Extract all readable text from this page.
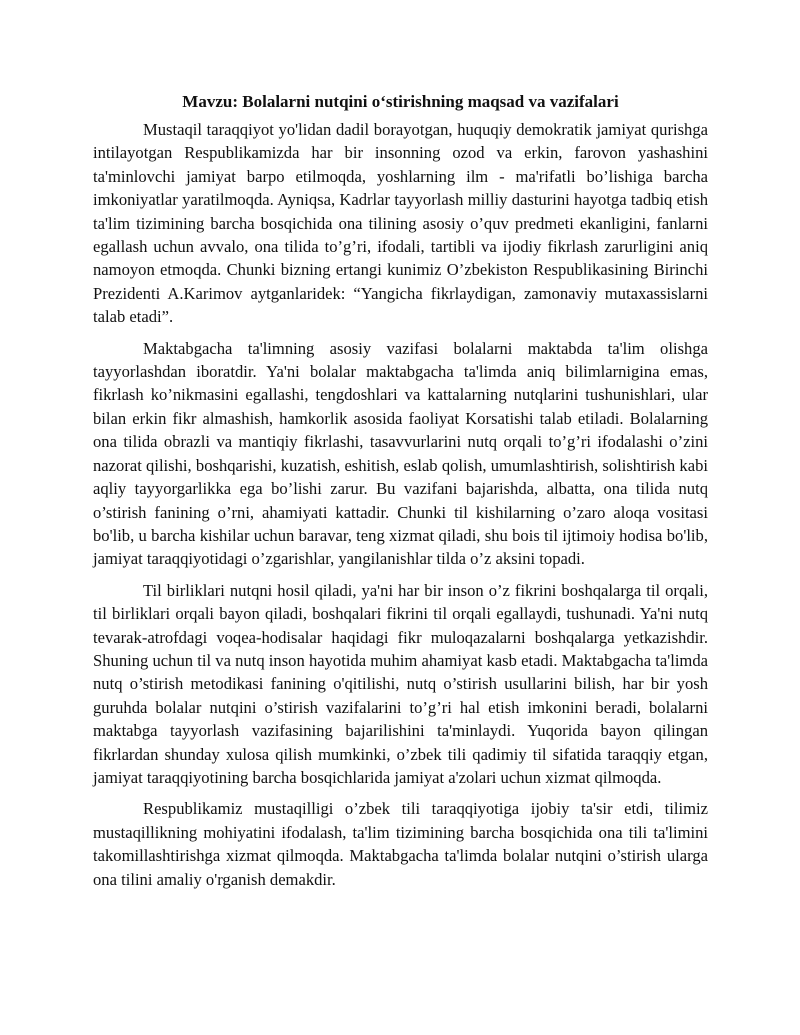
Mavzu: Bolalarni nutqini o‘stirishning maqsad va vazifalari

Mustaqil taraqqiyot yo'lidan dadil borayotgan, huquqiy demokratik jamiyat qurishga intilayotgan Respublikamizda har bir insonning ozod va erkin, farovon yashashini ta'minlovchi jamiyat barpo etilmoqda, yoshlarning ilm - ma'rifatli bo’lishiga barcha imkoniyatlar yaratilmoqda. Ayniqsa, Kadrlar tayyorlash milliy dasturini hayotga tadbiq etish ta'lim tizimining barcha bosqichida ona tilining asosiy o’quv predmeti ekanligini, fanlarni egallash uchun avvalo, ona tilida to’g’ri, ifodali, tartibli va ijodiy fikrlash zarurligini aniq namoyon etmoqda. Chunki bizning ertangi kunimiz O’zbekiston Respublikasining Birinchi Prezidenti A.Karimov aytganlaridek: “Yangicha fikrlaydigan, zamonaviy mutaxassislarni talab etadi”.

Maktabgacha ta'limning asosiy vazifasi bolalarni maktabda ta'lim olishga tayyorlashdan iboratdir. Ya'ni bolalar maktabgacha ta'limda aniq bilimlarnigina emas, fikrlash ko’nikmasini egallashi, tengdoshlari va kattalarning nutqlarini tushunishlari, ular bilan erkin fikr almashish, hamkorlik asosida faoliyat Korsatishi talab etiladi. Bolalarning ona tilida obrazli va mantiqiy fikrlashi, tasavvurlarini nutq orqali to’g’ri ifodalashi o’zini nazorat qilishi, boshqarishi, kuzatish, eshitish, eslab qolish, umumlashtirish, solishtirish kabi aqliy tayyorgarlikka ega bo’lishi zarur. Bu vazifani bajarishda, albatta, ona tilida nutq o’stirish fanining o’rni, ahamiyati kattadir. Chunki til kishilarning o’zaro aloqa vositasi bo'lib, u barcha kishilar uchun baravar, teng xizmat qiladi, shu bois til ijtimoiy hodisa bo'lib, jamiyat taraqqiyotidagi o’zgarishlar, yangilanishlar tilda o’z aksini topadi.

Til birliklari nutqni hosil qiladi, ya'ni har bir inson o’z fikrini boshqalarga til orqali, til birliklari orqali bayon qiladi, boshqalari fikrini til orqali egallaydi, tushunadi. Ya'ni nutq tevarak-atrofdagi voqea-hodisalar haqidagi fikr muloqazalarni boshqalarga yetkazishdir. Shuning uchun til va nutq inson hayotida muhim ahamiyat kasb etadi. Maktabgacha ta'limda nutq o’stirish metodikasi fanining o'qitilishi, nutq o’stirish usullarini bilish, har bir yosh guruhda bolalar nutqini o’stirish vazifalarini to’g’ri hal etish imkonini beradi, bolalarni maktabga tayyorlash vazifasining bajarilishini ta'minlaydi. Yuqorida bayon qilingan fikrlardan shunday xulosa qilish mumkinki, o’zbek tili qadimiy til sifatida taraqqiy etgan, jamiyat taraqqiyotining barcha bosqichlarida jamiyat a'zolari uchun xizmat qilmoqda.

Respublikamiz mustaqilligi o’zbek tili taraqqiyotiga ijobiy ta'sir etdi, tilimiz mustaqillikning mohiyatini ifodalash, ta'lim tizimining barcha bosqichida ona tili ta'limini takomillashtirishga xizmat qilmoqda. Maktabgacha ta'limda bolalar nutqini o’stirish ularga ona tilini amaliy o'rganish demakdir.
